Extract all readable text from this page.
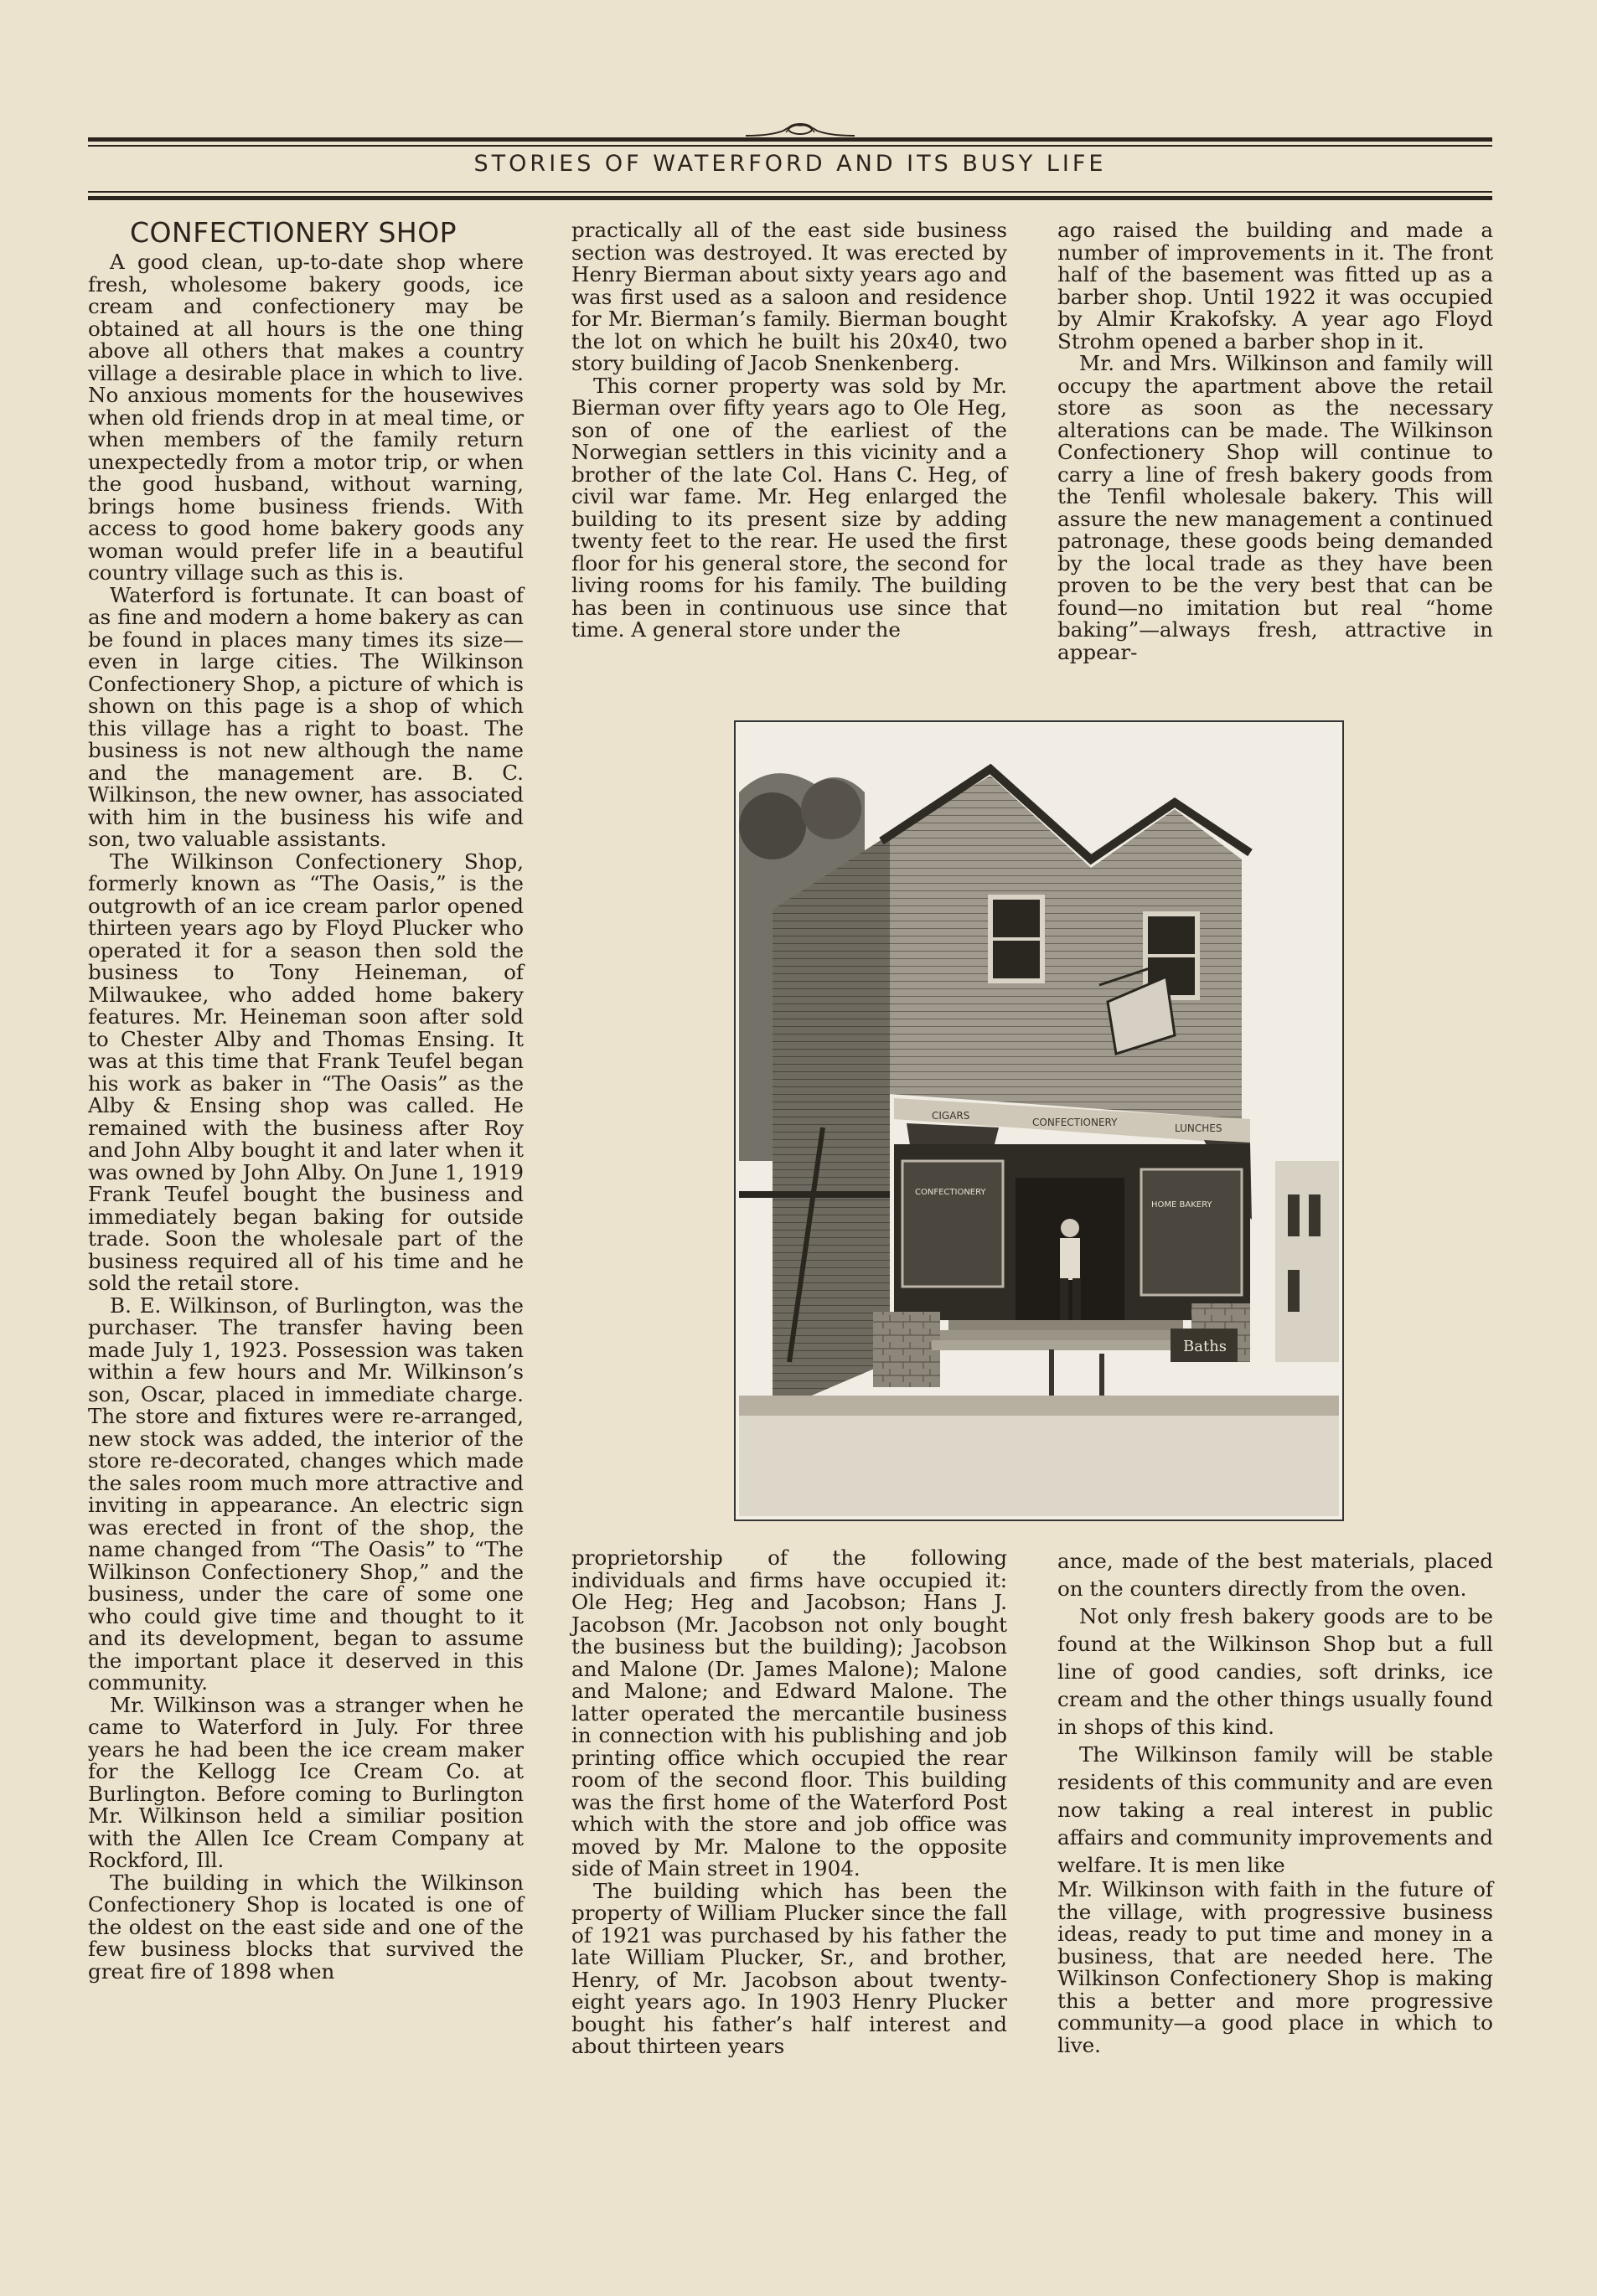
STORIES OF WATERFORD AND ITS BUSY LIFE
CONFECTIONERY SHOP

A good clean, up-to-date shop where fresh, wholesome bakery goods, ice cream and confectionery may be obtained at all hours is the one thing above all others that makes a country village a desirable place in which to live. No anxious moments for the housewives when old friends drop in at meal time, or when members of the family return unexpectedly from a motor trip, or when the good husband, without warning, brings home business friends. With access to good home bakery goods any woman would prefer life in a beautiful country village such as this is.

Waterford is fortunate. It can boast of as fine and modern a home bakery as can be found in places many times its size—even in large cities. The Wilkinson Confectionery Shop, a picture of which is shown on this page is a shop of which this village has a right to boast. The business is not new although the name and the management are. B. C. Wilkinson, the new owner, has associated with him in the business his wife and son, two valuable assistants.

The Wilkinson Confectionery Shop, formerly known as “The Oasis,” is the outgrowth of an ice cream parlor opened thirteen years ago by Floyd Plucker who operated it for a season then sold the business to Tony Heineman, of Milwaukee, who added home bakery features. Mr. Heineman soon after sold to Chester Alby and Thomas Ensing. It was at this time that Frank Teufel began his work as baker in “The Oasis” as the Alby & Ensing shop was called. He remained with the business after Roy and John Alby bought it and later when it was owned by John Alby. On June 1, 1919 Frank Teufel bought the business and immediately began baking for outside trade. Soon the wholesale part of the business required all of his time and he sold the retail store.

B. E. Wilkinson, of Burlington, was the purchaser. The transfer having been made July 1, 1923. Possession was taken within a few hours and Mr. Wilkinson’s son, Oscar, placed in immediate charge. The store and fixtures were re-arranged, new stock was added, the interior of the store re-decorated, changes which made the sales room much more attractive and inviting in appearance. An electric sign was erected in front of the shop, the name changed from “The Oasis” to “The Wilkinson Confectionery Shop,” and the business, under the care of some one who could give time and thought to it and its development, began to assume the important place it deserved in this community.

Mr. Wilkinson was a stranger when he came to Waterford in July. For three years he had been the ice cream maker for the Kellogg Ice Cream Co. at Burlington. Before coming to Burlington Mr. Wilkinson held a similiar position with the Allen Ice Cream Company at Rockford, Ill.

The building in which the Wilkinson Confectionery Shop is located is one of the oldest on the east side and one of the few business blocks that survived the great fire of 1898 when

practically all of the east side business section was destroyed. It was erected by Henry Bierman about sixty years ago and was first used as a saloon and residence for Mr. Bierman’s family. Bierman bought the lot on which he built his 20x40, two story building of Jacob Snenkenberg.

This corner property was sold by Mr. Bierman over fifty years ago to Ole Heg, son of one of the earliest of the Norwegian settlers in this vicinity and a brother of the late Col. Hans C. Heg, of civil war fame. Mr. Heg enlarged the building to its present size by adding twenty feet to the rear. He used the first floor for his general store, the second for living rooms for his family. The building has been in continuous use since that time. A general store under the

ago raised the building and made a number of improvements in it. The front half of the basement was fitted up as a barber shop. Until 1922 it was occupied by Almir Krakofsky. A year ago Floyd Strohm opened a barber shop in it.

Mr. and Mrs. Wilkinson and family will occupy the apartment above the retail store as soon as the necessary alterations can be made. The Wilkinson Confectionery Shop will continue to carry a line of fresh bakery goods from the Tenfil wholesale bakery. This will assure the new management a continued patronage, these goods being demanded by the local trade as they have been proven to be the very best that can be found—no imitation but real “home baking”—always fresh, attractive in appear-

CIGARS
CONFECTIONERY	LUNCHES
CONFECTIONERY
HOME BAKERY
Baths

proprietorship of the following individuals and firms have occupied it: Ole Heg; Heg and Jacobson; Hans J. Jacobson (Mr. Jacobson not only bought the business but the building); Jacobson and Malone (Dr. James Malone); Malone and Malone; and Edward Malone. The latter operated the mercantile business in connection with his publishing and job printing office which occupied the rear room of the second floor. This building was the first home of the Waterford Post which with the store and job office was moved by Mr. Malone to the opposite side of Main street in 1904.

The building which has been the property of William Plucker since the fall of 1921 was purchased by his father the late William Plucker, Sr., and brother, Henry, of Mr. Jacobson about twenty-eight years ago. In 1903 Henry Plucker bought his father’s half interest and about thirteen years

ance, made of the best materials, placed on the counters directly from the oven.

Not only fresh bakery goods are to be found at the Wilkinson Shop but a full line of good candies, soft drinks, ice cream and the other things usually found in shops of this kind.

The Wilkinson family will be stable residents of this community and are even now taking a real interest in public affairs and community improvements and welfare. It is men like

Mr. Wilkinson with faith in the future of the village, with progressive business ideas, ready to put time and money in a business, that are needed here. The Wilkinson Confectionery Shop is making this a better and more progressive community—a good place in which to live.
